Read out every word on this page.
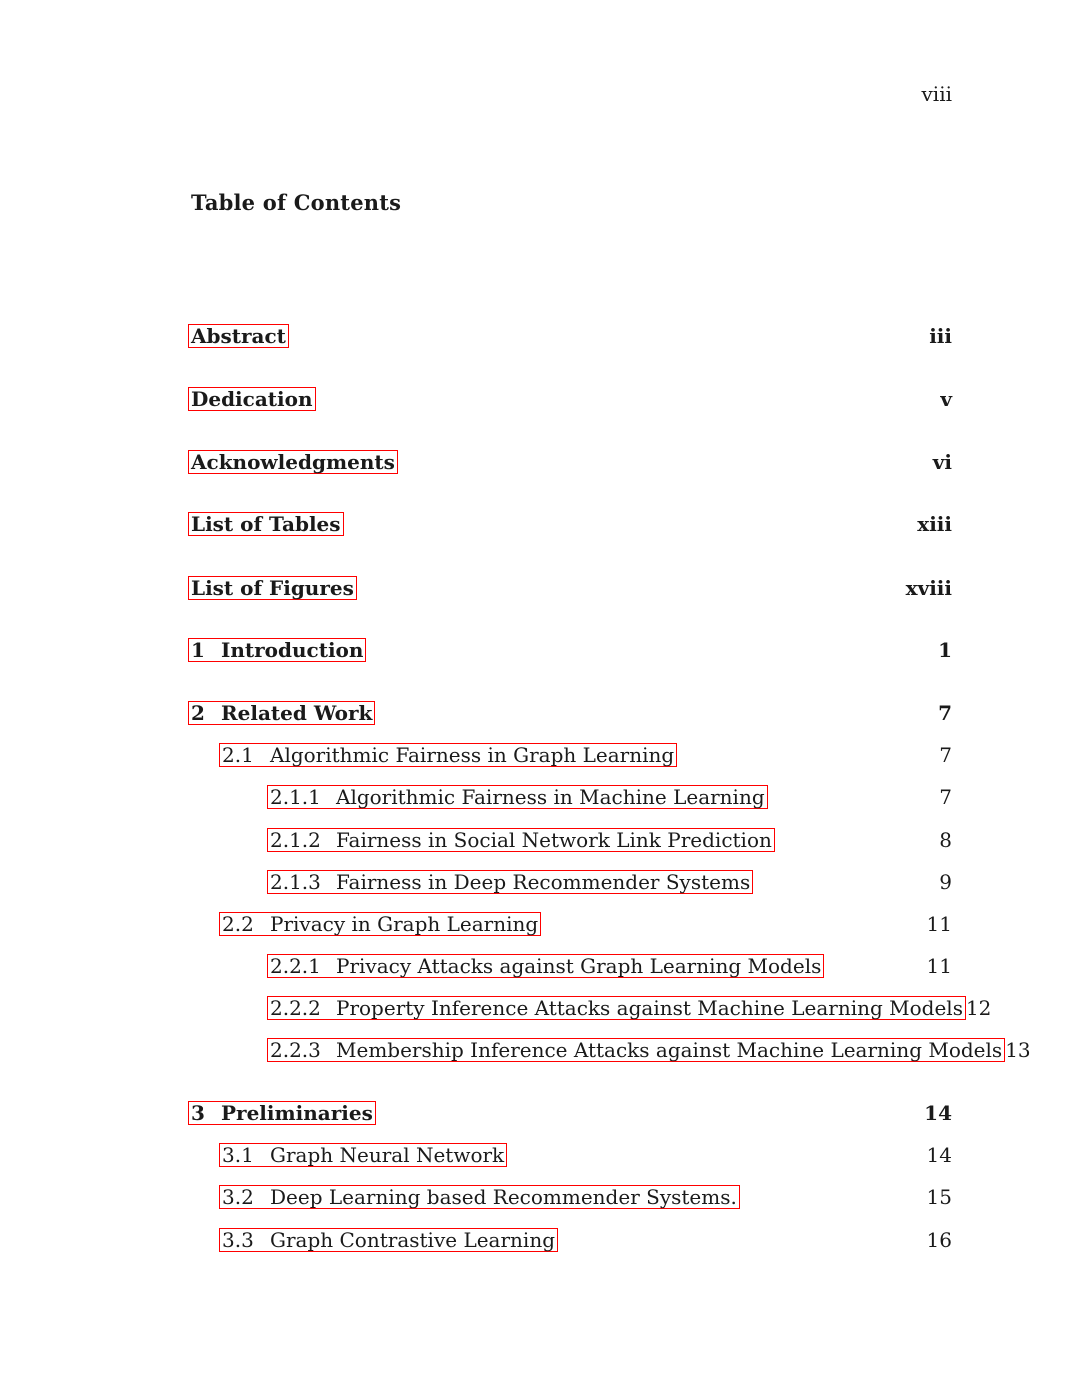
viii
Table of Contents
Abstract	iii
Dedication	v
Acknowledgments	vi
List of Tables	xiii
List of Figures	xviii
1 Introduction	1
2 Related Work	7
2.1 Algorithmic Fairness in Graph Learning	7
2.1.1 Algorithmic Fairness in Machine Learning	7
2.1.2 Fairness in Social Network Link Prediction	8
2.1.3 Fairness in Deep Recommender Systems	9
2.2 Privacy in Graph Learning	11
2.2.1 Privacy Attacks against Graph Learning Models	11
2.2.2 Property Inference Attacks against Machine Learning Models 12
2.2.3 Membership Inference Attacks against Machine Learning Models 13
3 Preliminaries	14
3.1 Graph Neural Network	14
3.2 Deep Learning based Recommender Systems.	15
3.3 Graph Contrastive Learning	16
